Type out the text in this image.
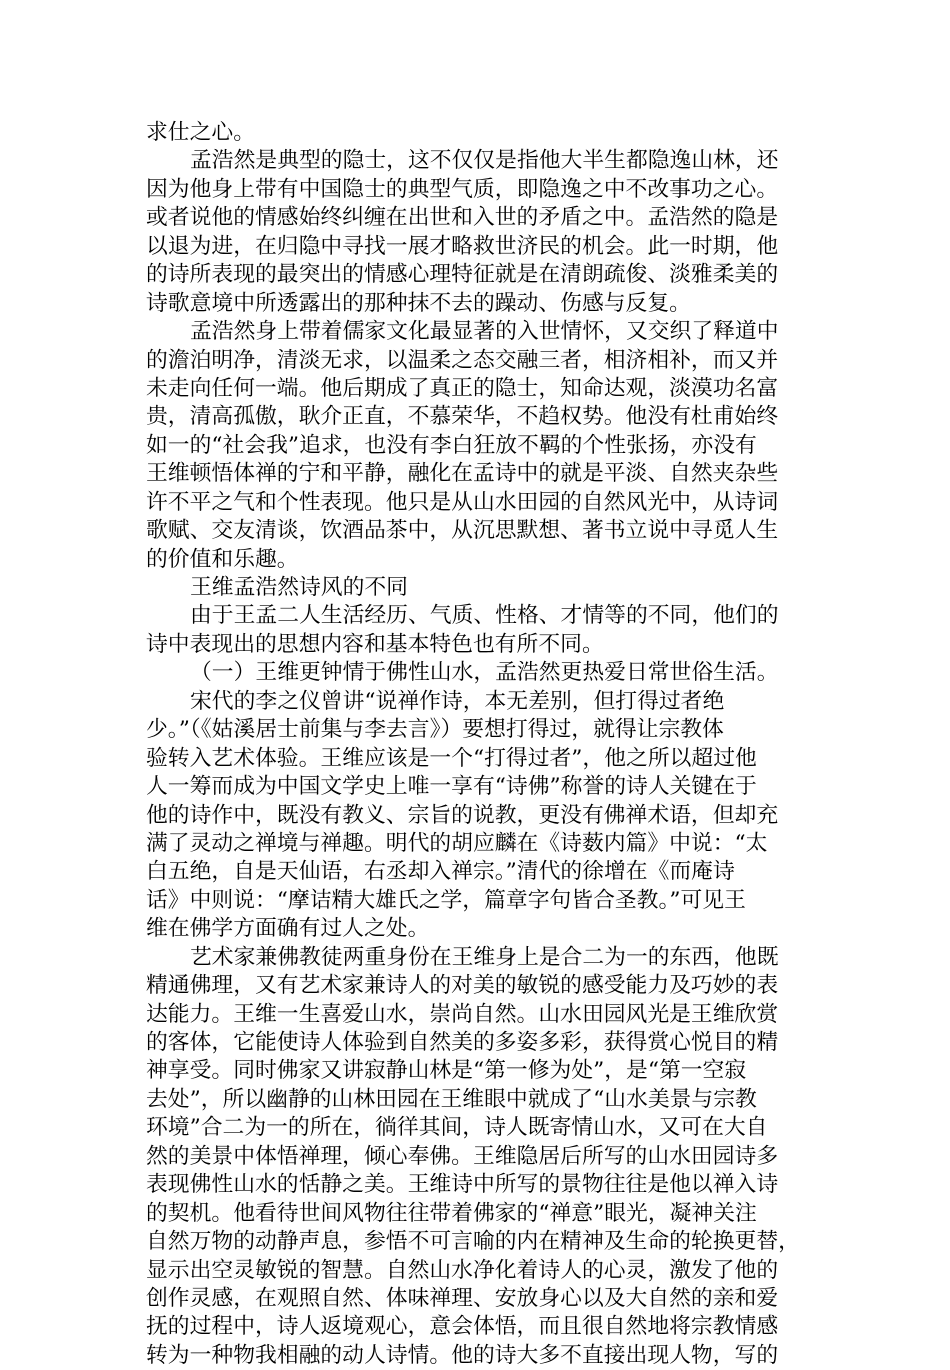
求仕之心。
孟浩然是典型的隐士，这不仅仅是指他大半生都隐逸山林，还
因为他身上带有中国隐士的典型气质，即隐逸之中不改事功之心。
或者说他的情感始终纠缠在出世和入世的矛盾之中。孟浩然的隐是
以退为进，在归隐中寻找一展才略救世济民的机会。此一时期，他
的诗所表现的最突出的情感心理特征就是在清朗疏俊、淡雅柔美的
诗歌意境中所透露出的那种抹不去的躁动、伤感与反复。
孟浩然身上带着儒家文化最显著的入世情怀，又交织了释道中
的澹泊明净，清淡无求，以温柔之态交融三者，相济相补，而又并
未走向任何一端。他后期成了真正的隐士，知命达观，淡漠功名富
贵，清高孤傲，耿介正直，不慕荣华，不趋权势。他没有杜甫始终
如一的“社会我”追求，也没有李白狂放不羁的个性张扬，亦没有
王维顿悟体禅的宁和平静，融化在孟诗中的就是平淡、自然夹杂些
许不平之气和个性表现。他只是从山水田园的自然风光中，从诗词
歌赋、交友清谈，饮酒品茶中，从沉思默想、著书立说中寻觅人生
的价值和乐趣。
王维孟浩然诗风的不同
由于王孟二人生活经历、气质、性格、才情等的不同，他们的
诗中表现出的思想内容和基本特色也有所不同。
（一）王维更钟情于佛性山水，孟浩然更热爱日常世俗生活。
宋代的李之仪曾讲“说禅作诗，本无差别，但打得过者绝
少。”（《姑溪居士前集与李去言》）要想打得过，就得让宗教体
验转入艺术体验。王维应该是一个“打得过者”，他之所以超过他
人一筹而成为中国文学史上唯一享有“诗佛”称誉的诗人关键在于
他的诗作中，既没有教义、宗旨的说教，更没有佛禅术语，但却充
满了灵动之禅境与禅趣。明代的胡应麟在《诗薮内篇》中说：“太
白五绝，自是天仙语，右丞却入禅宗。”清代的徐增在《而庵诗
话》中则说：“摩诘精大雄氏之学，篇章字句皆合圣教。”可见王
维在佛学方面确有过人之处。
艺术家兼佛教徒两重身份在王维身上是合二为一的东西，他既
精通佛理，又有艺术家兼诗人的对美的敏锐的感受能力及巧妙的表
达能力。王维一生喜爱山水，崇尚自然。山水田园风光是王维欣赏
的客体，它能使诗人体验到自然美的多姿多彩，获得赏心悦目的精
神享受。同时佛家又讲寂静山林是“第一修为处”，是“第一空寂
去处”，所以幽静的山林田园在王维眼中就成了“山水美景与宗教
环境”合二为一的所在，徜徉其间，诗人既寄情山水，又可在大自
然的美景中体悟禅理，倾心奉佛。王维隐居后所写的山水田园诗多
表现佛性山水的恬静之美。王维诗中所写的景物往往是他以禅入诗
的契机。他看待世间风物往往带着佛家的“禅意”眼光，凝神关注
自然万物的动静声息，参悟不可言喻的内在精神及生命的轮换更替，
显示出空灵敏锐的智慧。自然山水净化着诗人的心灵，激发了他的
创作灵感，在观照自然、体味禅理、安放身心以及大自然的亲和爱
抚的过程中，诗人返境观心，意会体悟，而且很自然地将宗教情感
转为一种物我相融的动人诗情。他的诗大多不直接出现人物，写的
